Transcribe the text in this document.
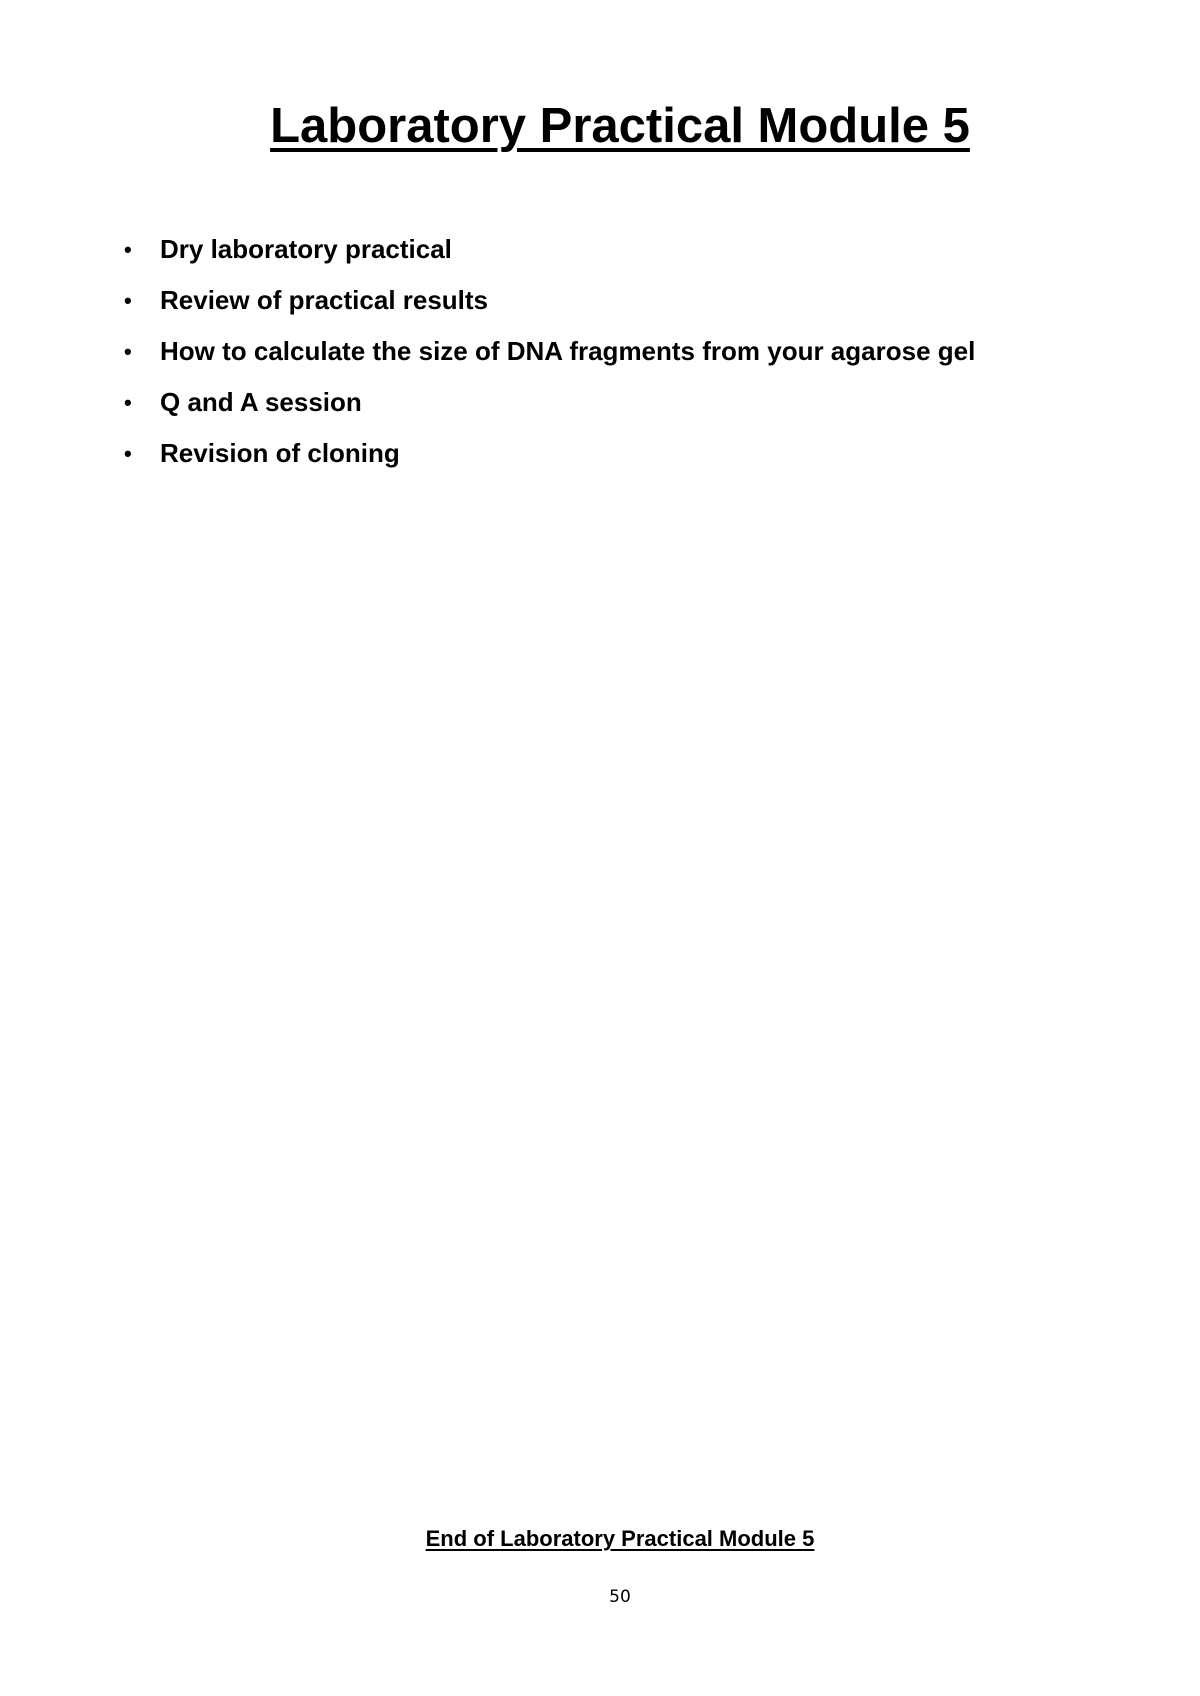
Laboratory Practical Module 5
•	Dry laboratory practical
•	Review of practical results
•	How to calculate the size of DNA fragments from your agarose gel
•	Q and A session
•	Revision of cloning

End of Laboratory Practical Module 5

50
